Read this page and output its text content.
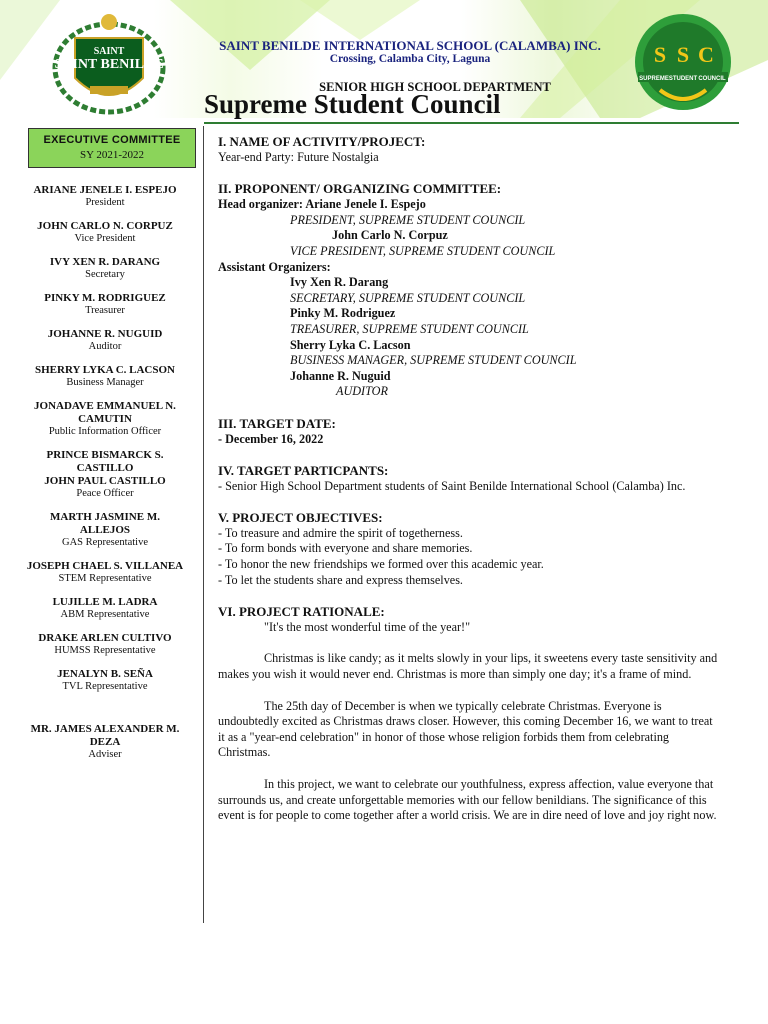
SAINT
SAINT BENILDE	S S C
SUPREME STUDENT COUNCIL
SAINT BENILDE INTERNATIONAL SCHOOL (CALAMBA) INC.
Crossing, Calamba City, Laguna
SENIOR HIGH SCHOOL DEPARTMENT
Supreme Student Council
EXECUTIVE COMMITTEE
SY 2021-2022
ARIANE JENELE I. ESPEJO
President
JOHN CARLO N. CORPUZ
Vice President
IVY XEN R. DARANG
Secretary
PINKY M. RODRIGUEZ
Treasurer
JOHANNE R. NUGUID
Auditor
SHERRY LYKA C. LACSON
Business Manager
JONADAVE EMMANUEL N. CAMUTIN
Public Information Officer
PRINCE BISMARCK S. CASTILLO
JOHN PAUL CASTILLO
Peace Officer
MARTH JASMINE M. ALLEJOS
GAS Representative
JOSEPH CHAEL S. VILLANEA
STEM Representative
LUJILLE M. LADRA
ABM Representative
DRAKE ARLEN CULTIVO
HUMSS Representative
JENALYN B. SEÑA
TVL Representative
MR. JAMES ALEXANDER M. DEZA
Adviser
I. NAME OF ACTIVITY/PROJECT:
Year-end Party: Future Nostalgia
II. PROPONENT/ ORGANIZING COMMITTEE:
Head organizer: Ariane Jenele I. Espejo
PRESIDENT, SUPREME STUDENT COUNCIL
John Carlo N. Corpuz
VICE PRESIDENT, SUPREME STUDENT COUNCIL
Assistant Organizers:
Ivy Xen R. Darang
SECRETARY, SUPREME STUDENT COUNCIL
Pinky M. Rodriguez
TREASURER, SUPREME STUDENT COUNCIL
Sherry Lyka C. Lacson
BUSINESS MANAGER, SUPREME STUDENT COUNCIL
Johanne R. Nuguid
AUDITOR
III. TARGET DATE:
- December 16, 2022
IV. TARGET PARTICPANTS:
- Senior High School Department students of Saint Benilde International School (Calamba) Inc.
V. PROJECT OBJECTIVES:
- To treasure and admire the spirit of togetherness.
- To form bonds with everyone and share memories.
- To honor the new friendships we formed over this academic year.
- To let the students share and express themselves.
VI. PROJECT RATIONALE:

"It's the most wonderful time of the year!"

Christmas is like candy; as it melts slowly in your lips, it sweetens every taste sensitivity and makes you wish it would never end. Christmas is more than simply one day; it's a frame of mind.

The 25th day of December is when we typically celebrate Christmas. Everyone is undoubtedly excited as Christmas draws closer. However, this coming December 16, we want to treat it as a "year-end celebration" in honor of those whose religion forbids them from celebrating Christmas.

In this project, we want to celebrate our youthfulness, express affection, value everyone that surrounds us, and create unforgettable memories with our fellow benildians. The significance of this event is for people to come together after a world crisis. We are in dire need of love and joy right now.
